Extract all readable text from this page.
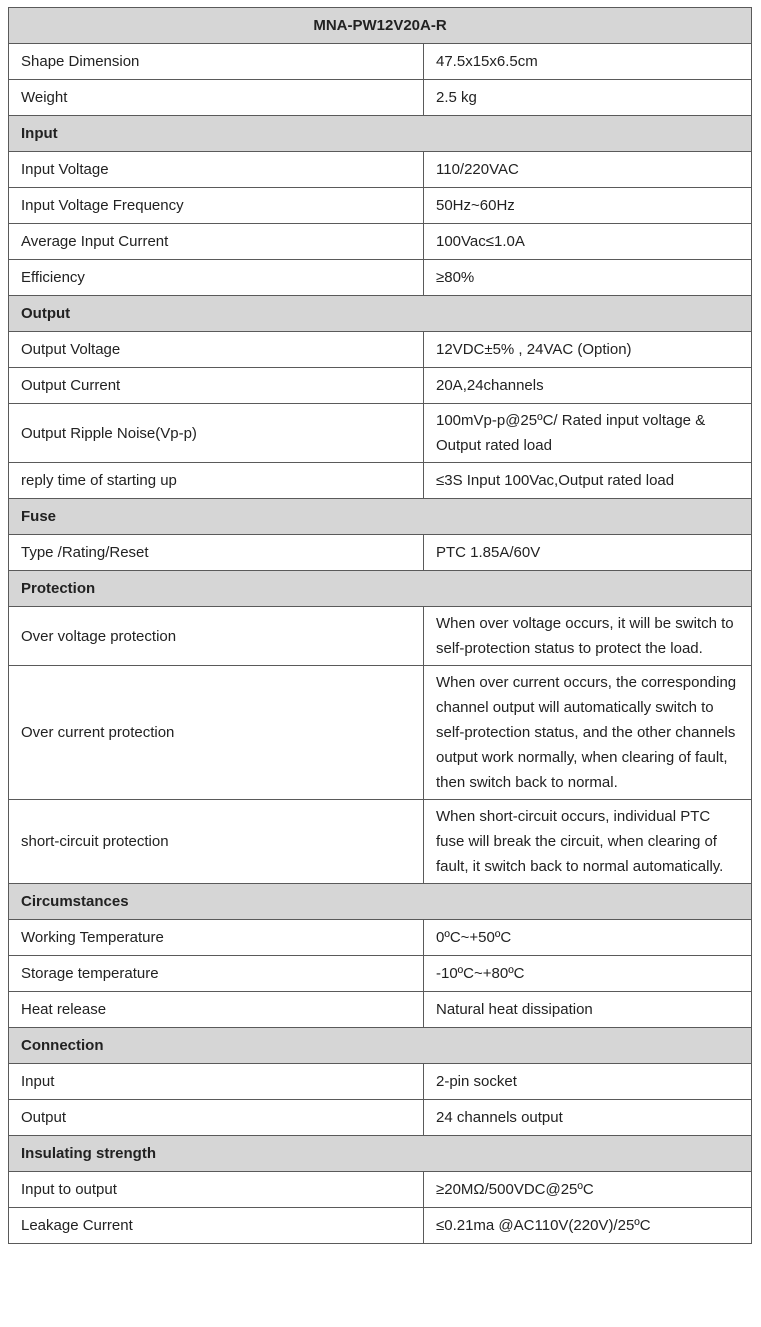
MNA-PW12V20A-R	
Shape Dimension	47.5x15x6.5cm
Weight	2.5 kg
Input	
Input Voltage	110/220VAC
Input Voltage Frequency	50Hz~60Hz
Average Input Current	100Vac≤1.0A
Efficiency	≥80%
Output	
Output Voltage	12VDC±5% , 24VAC (Option)
Output Current	20A,24channels
Output Ripple Noise(Vp-p)	100mVp-p@25ºC/ Rated input voltage & Output rated load
reply time of starting up	≤3S Input 100Vac,Output rated load
Fuse	
Type /Rating/Reset	PTC 1.85A/60V
Protection	
Over voltage protection	When over voltage occurs, it will be switch to self-protection status to protect the load.
Over current protection	When over current occurs, the corresponding channel output will automatically switch to self-protection status, and the other channels output work normally, when clearing of fault, then switch back to normal.
short-circuit protection	When short-circuit occurs, individual PTC fuse will break the circuit, when clearing of fault, it switch back to normal automatically.
Circumstances	
Working Temperature	0ºC~+50ºC
Storage temperature	-10ºC~+80ºC
Heat release	Natural heat dissipation
Connection	
Input	2-pin socket
Output	24 channels output
Insulating strength	
Input to output	≥20MΩ/500VDC@25ºC
Leakage Current	≤0.21ma @AC110V(220V)/25ºC
